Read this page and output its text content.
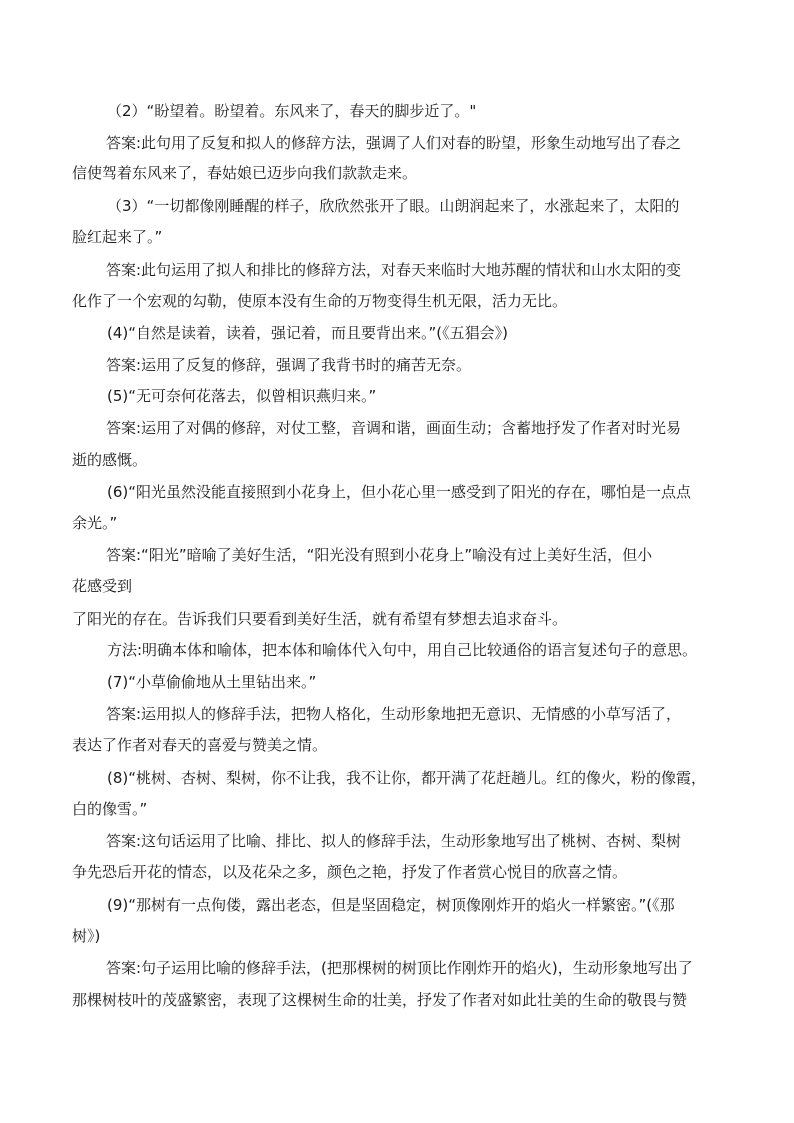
（2）“盼望着。盼望着。东风来了，春天的脚步近了。"
答案:此句用了反复和拟人的修辞方法，强调了人们对春的盼望，形象生动地写出了春之
信使驾着东风来了，春姑娘已迈步向我们款款走来。
（3）“一切都像刚睡醒的样子，欣欣然张开了眼。山朗润起来了，水涨起来了，太阳的
脸红起来了。”
答案:此句运用了拟人和排比的修辞方法，对春天来临时大地苏醒的情状和山水太阳的变
化作了一个宏观的勾勒，使原本没有生命的万物变得生机无限，活力无比。
(4)“自然是读着，读着，强记着，而且要背出来。”(《五猖会》)
答案:运用了反复的修辞，强调了我背书时的痛苦无奈。
(5)“无可奈何花落去，似曾相识燕归来。”
答案:运用了对偶的修辞，对仗工整，音调和谐，画面生动；含蓄地抒发了作者对时光易
逝的感慨。
(6)“阳光虽然没能直接照到小花身上，但小花心里一感受到了阳光的存在，哪怕是一点点
余光。”
答案:“阳光”暗喻了美好生活，“阳光没有照到小花身上”喻没有过上美好生活，但小
花感受到
了阳光的存在。告诉我们只要看到美好生活，就有希望有梦想去追求奋斗。
方法:明确本体和喻体，把本体和喻体代入句中，用自己比较通俗的语言复述句子的意思。
(7)“小草偷偷地从土里钻出来。”
答案:运用拟人的修辞手法，把物人格化，生动形象地把无意识、无情感的小草写活了，
表达了作者对春天的喜爱与赞美之情。
(8)“桃树、杏树、梨树，你不让我，我不让你，都开满了花赶趟儿。红的像火，粉的像霞，
白的像雪。”
答案:这句话运用了比喻、排比、拟人的修辞手法，生动形象地写出了桃树、杏树、梨树
争先恐后开花的情态，以及花朵之多，颜色之艳，抒发了作者赏心悦目的欣喜之情。
(9)“那树有一点佝偻，露出老态，但是坚固稳定，树顶像刚炸开的焰火一样繁密。”(《那
树》)
答案:句子运用比喻的修辞手法，(把那棵树的树顶比作刚炸开的焰火)，生动形象地写出了
那棵树枝叶的茂盛繁密，表现了这棵树生命的壮美，抒发了作者对如此壮美的生命的敬畏与赞
